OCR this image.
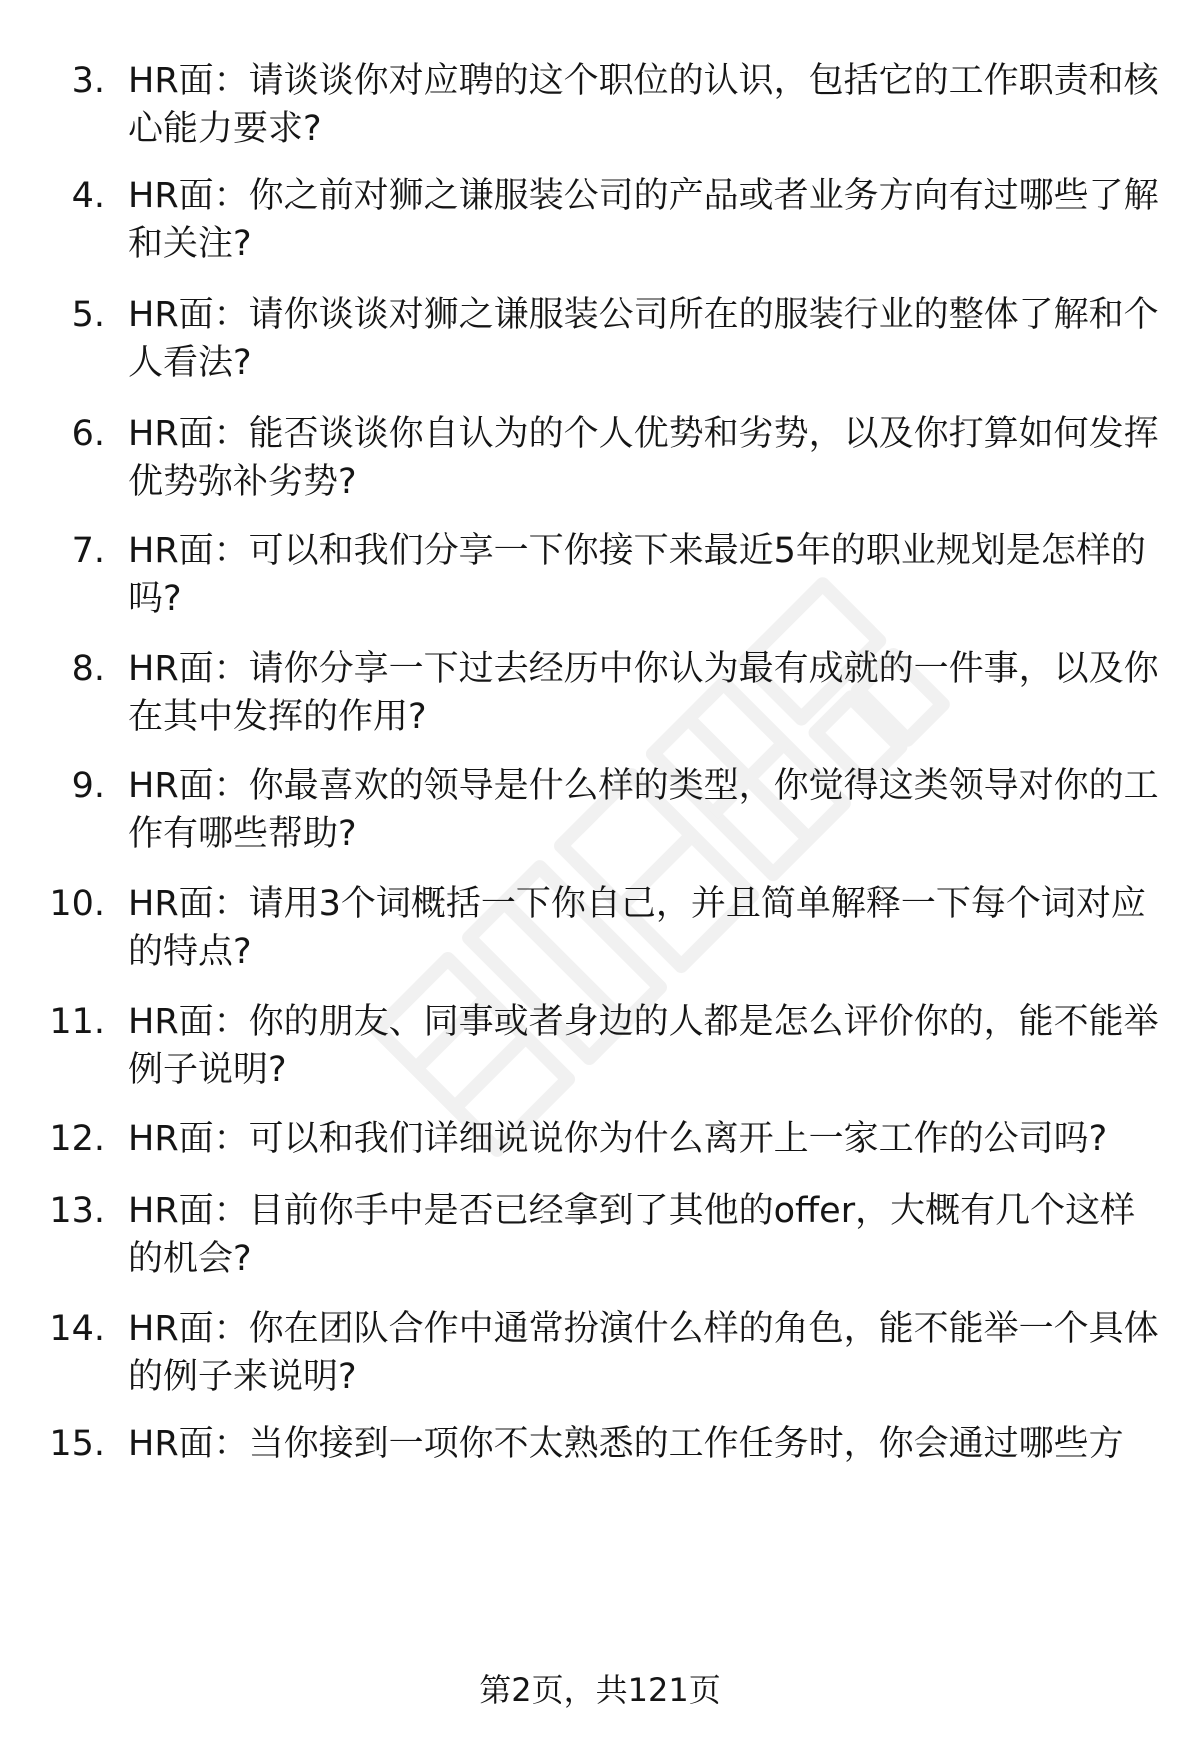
3. HR面：请谈谈你对应聘的这个职位的认识，包括它的工作职责和核心能力要求?
4. HR面：你之前对狮之谦服装公司的产品或者业务方向有过哪些了解和关注?
5. HR面：请你谈谈对狮之谦服装公司所在的服装行业的整体了解和个人看法?
6. HR面：能否谈谈你自认为的个人优势和劣势，以及你打算如何发挥优势弥补劣势?
7. HR面：可以和我们分享一下你接下来最近5年的职业规划是怎样的吗?
8. HR面：请你分享一下过去经历中你认为最有成就的一件事，以及你在其中发挥的作用?
9. HR面：你最喜欢的领导是什么样的类型，你觉得这类领导对你的工作有哪些帮助?
10. HR面：请用3个词概括一下你自己，并且简单解释一下每个词对应的特点?
11. HR面：你的朋友、同事或者身边的人都是怎么评价你的，能不能举例子说明?
12. HR面：可以和我们详细说说你为什么离开上一家工作的公司吗?
13. HR面：目前你手中是否已经拿到了其他的offer，大概有几个这样的机会?
14. HR面：你在团队合作中通常扮演什么样的角色，能不能举一个具体的例子来说明?
15. HR面：当你接到一项你不太熟悉的工作任务时，你会通过哪些方
第2页，共121页
